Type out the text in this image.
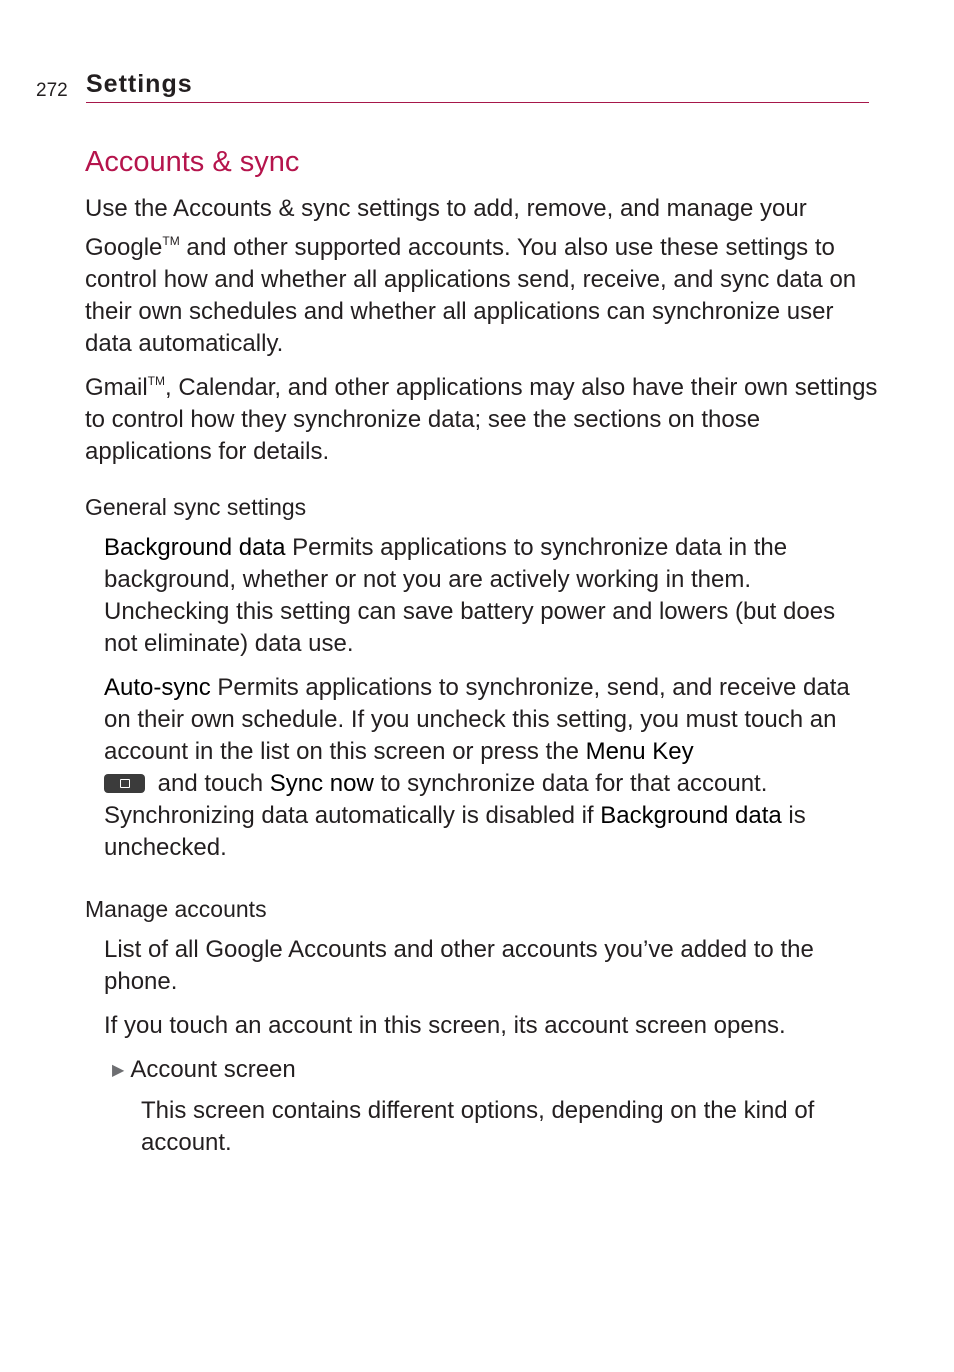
272 Settings
Accounts & sync

Use the Accounts & sync settings to add, remove, and manage your Google™ and other supported accounts. You also use these settings to control how and whether all applications send, receive, and sync data on their own schedules and whether all applications can synchronize user data automatically.

Gmail™, Calendar, and other applications may also have their own settings to control how they synchronize data; see the sections on those applications for details.

General sync settings

Background data Permits applications to synchronize data in the background, whether or not you are actively working in them. Unchecking this setting can save battery power and lowers (but does not eliminate) data use.

Auto-sync Permits applications to synchronize, send, and receive data on their own schedule. If you uncheck this setting, you must touch an account in the list on this screen or press the Menu Key
and touch Sync now to synchronize data for that account. Synchronizing data automatically is disabled if Background data is unchecked.

Manage accounts

List of all Google Accounts and other accounts you’ve added to the phone.

If you touch an account in this screen, its account screen opens.

▶ Account screen

This screen contains different options, depending on the kind of account.
